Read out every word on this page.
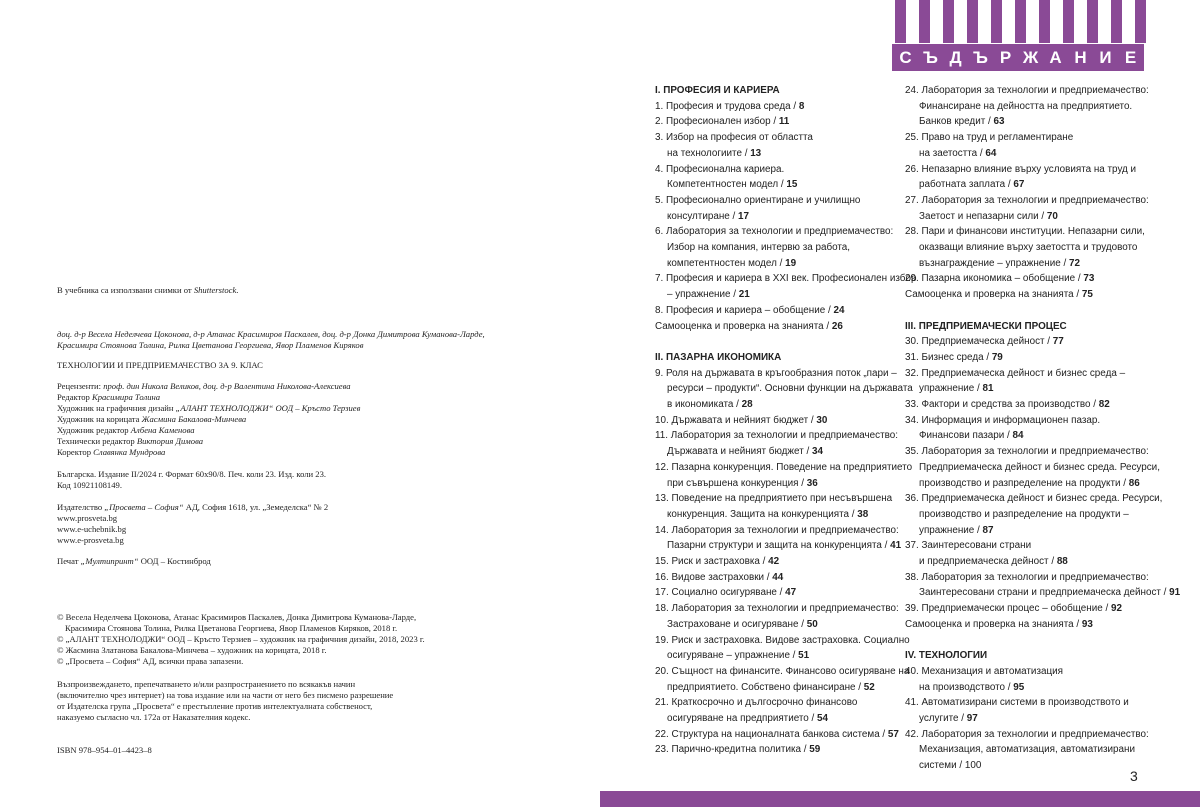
В учебника са използвани снимки от Shutterstock.
доц. д-р Весела Неделчева Цоконова, д-р Атанас Красимиров Паскалев, доц. д-р Донка Димитрова Куманова-Ларде,
Красимира Стоянова Толина, Рилка Цветанова Георгиева, Явор Пламенов Киряков
ТЕХНОЛОГИИ И ПРЕДПРИЕМАЧЕСТВО ЗА 9. КЛАС
Рецензенти: проф. дин Никола Великов, доц. д-р Валентина Николова-Алексиева
Редактор Красимира Толина
Художник на графичния дизайн „АЛАНТ ТЕХНОЛОДЖИ“ ООД – Кръсто Терзиев
Художник на корицата Жасмина Бакалова-Минчева
Художник редактор Албена Каменова
Технически редактор Виктория Димова
Коректор Славянка Мундрова
Българска. Издание II/2024 г. Формат 60х90/8. Печ. коли 23. Изд. коли 23.
Код 10921108149.
Издателство „Просвета – София“ АД, София 1618, ул. „Земеделска“ № 2
www.prosveta.bg
www.e-uchebnik.bg
www.e-prosveta.bg
Печат „Мултипринт“ ООД – Костинброд
© Весела Неделчева Цоконова, Атанас Красимиров Паскалев, Донка Димитрова Куманова-Ларде,
Красимира Стоянова Толина, Рилка Цветанова Георгиева, Явор Пламенов Киряков, 2018 г.
© „АЛАНТ ТЕХНОЛОДЖИ“ ООД – Кръсто Терзиев – художник на графичния дизайн, 2018, 2023 г.
© Жасмина Златанова Бакалова-Минчева – художник на корицата, 2018 г.
© „Просвета – София“ АД, всички права запазени.
Възпроизвеждането, препечатването и/или разпространението по всякакъв начин
(включително чрез интернет) на това издание или на части от него без писмено разрешение
от Издателска група „Просвета“ е престъпление против интелектуалната собственост,
наказуемо съгласно чл. 172а от Наказателния кодекс.
ISBN 978–954–01–4423–8
С Ъ Д Ъ Р Ж А Н И Е
I. ПРОФЕСИЯ И КАРИЕРА
1. Професия и трудова среда / 8
2. Професионален избор / 11
3. Избор на професия от областта
на технологиите / 13
4. Професионална кариера.
Компетентностен модел / 15
5. Професионално ориентиране и училищно
консултиране / 17
6. Лаборатория за технологии и предприемачество:
Избор на компания, интервю за работа,
компетентностен модел / 19
7. Професия и кариера в XXI век. Професионален избор
– упражнение / 21
8. Професия и кариера – обобщение / 24
Самооценка и проверка на знанията / 26
II. ПАЗАРНА ИКОНОМИКА
9. Роля на държавата в кръгообразния поток „пари –
ресурси – продукти“. Основни функции на държавата
в икономиката / 28
10. Държавата и нейният бюджет / 30
11. Лаборатория за технологии и предприемачество:
Държавата и нейният бюджет / 34
12. Пазарна конкуренция. Поведение на предприятието
при съвършена конкуренция / 36
13. Поведение на предприятието при несъвършена
конкуренция. Защита на конкуренцията / 38
14. Лаборатория за технологии и предприемачество:
Пазарни структури и защита на конкуренцията / 41
15. Риск и застраховка / 42
16. Видове застраховки / 44
17. Социално осигуряване / 47
18. Лаборатория за технологии и предприемачество:
Застраховане и осигуряване / 50
19. Риск и застраховка. Видове застраховка. Социално
осигуряване – упражнение / 51
20. Същност на финансите. Финансово осигуряване на
предприятието. Собствено финансиране / 52
21. Краткосрочно и дългосрочно финансово
осигуряване на предприятието / 54
22. Структура на националната банкова система / 57
23. Парично-кредитна политика / 59
24. Лаборатория за технологии и предприемачество:
Финансиране на дейността на предприятието.
Банков кредит / 63
25. Право на труд и регламентиране
на заетостта / 64
26. Непазарно влияние върху условията на труд и
работната заплата / 67
27. Лаборатория за технологии и предприемачество:
Заетост и непазарни сили / 70
28. Пари и финансови институции. Непазарни сили,
оказващи влияние върху заетостта и трудовото
възнаграждение – упражнение / 72
29. Пазарна икономика – обобщение / 73
Самооценка и проверка на знанията / 75
III. ПРЕДПРИЕМАЧЕСКИ ПРОЦЕС
30. Предприемаческа дейност / 77
31. Бизнес среда / 79
32. Предприемаческа дейност и бизнес среда –
упражнение / 81
33. Фактори и средства за производство / 82
34. Информация и информационен пазар.
Финансови пазари / 84
35. Лаборатория за технологии и предприемачество:
Предприемаческа дейност и бизнес среда. Ресурси,
производство и разпределение на продукти / 86
36. Предприемаческа дейност и бизнес среда. Ресурси,
производство и разпределение на продукти –
упражнение / 87
37. Заинтересовани страни
и предприемаческа дейност / 88
38. Лаборатория за технологии и предприемачество:
Заинтересовани страни и предприемаческа дейност / 91
39. Предприемачески процес – обобщение / 92
Самооценка и проверка на знанията / 93
IV. ТЕХНОЛОГИИ
40. Механизация и автоматизация
на производството / 95
41. Автоматизирани системи в производството и
услугите / 97
42. Лаборатория за технологии и предприемачество:
Механизация, автоматизация, автоматизирани
системи / 100
3
